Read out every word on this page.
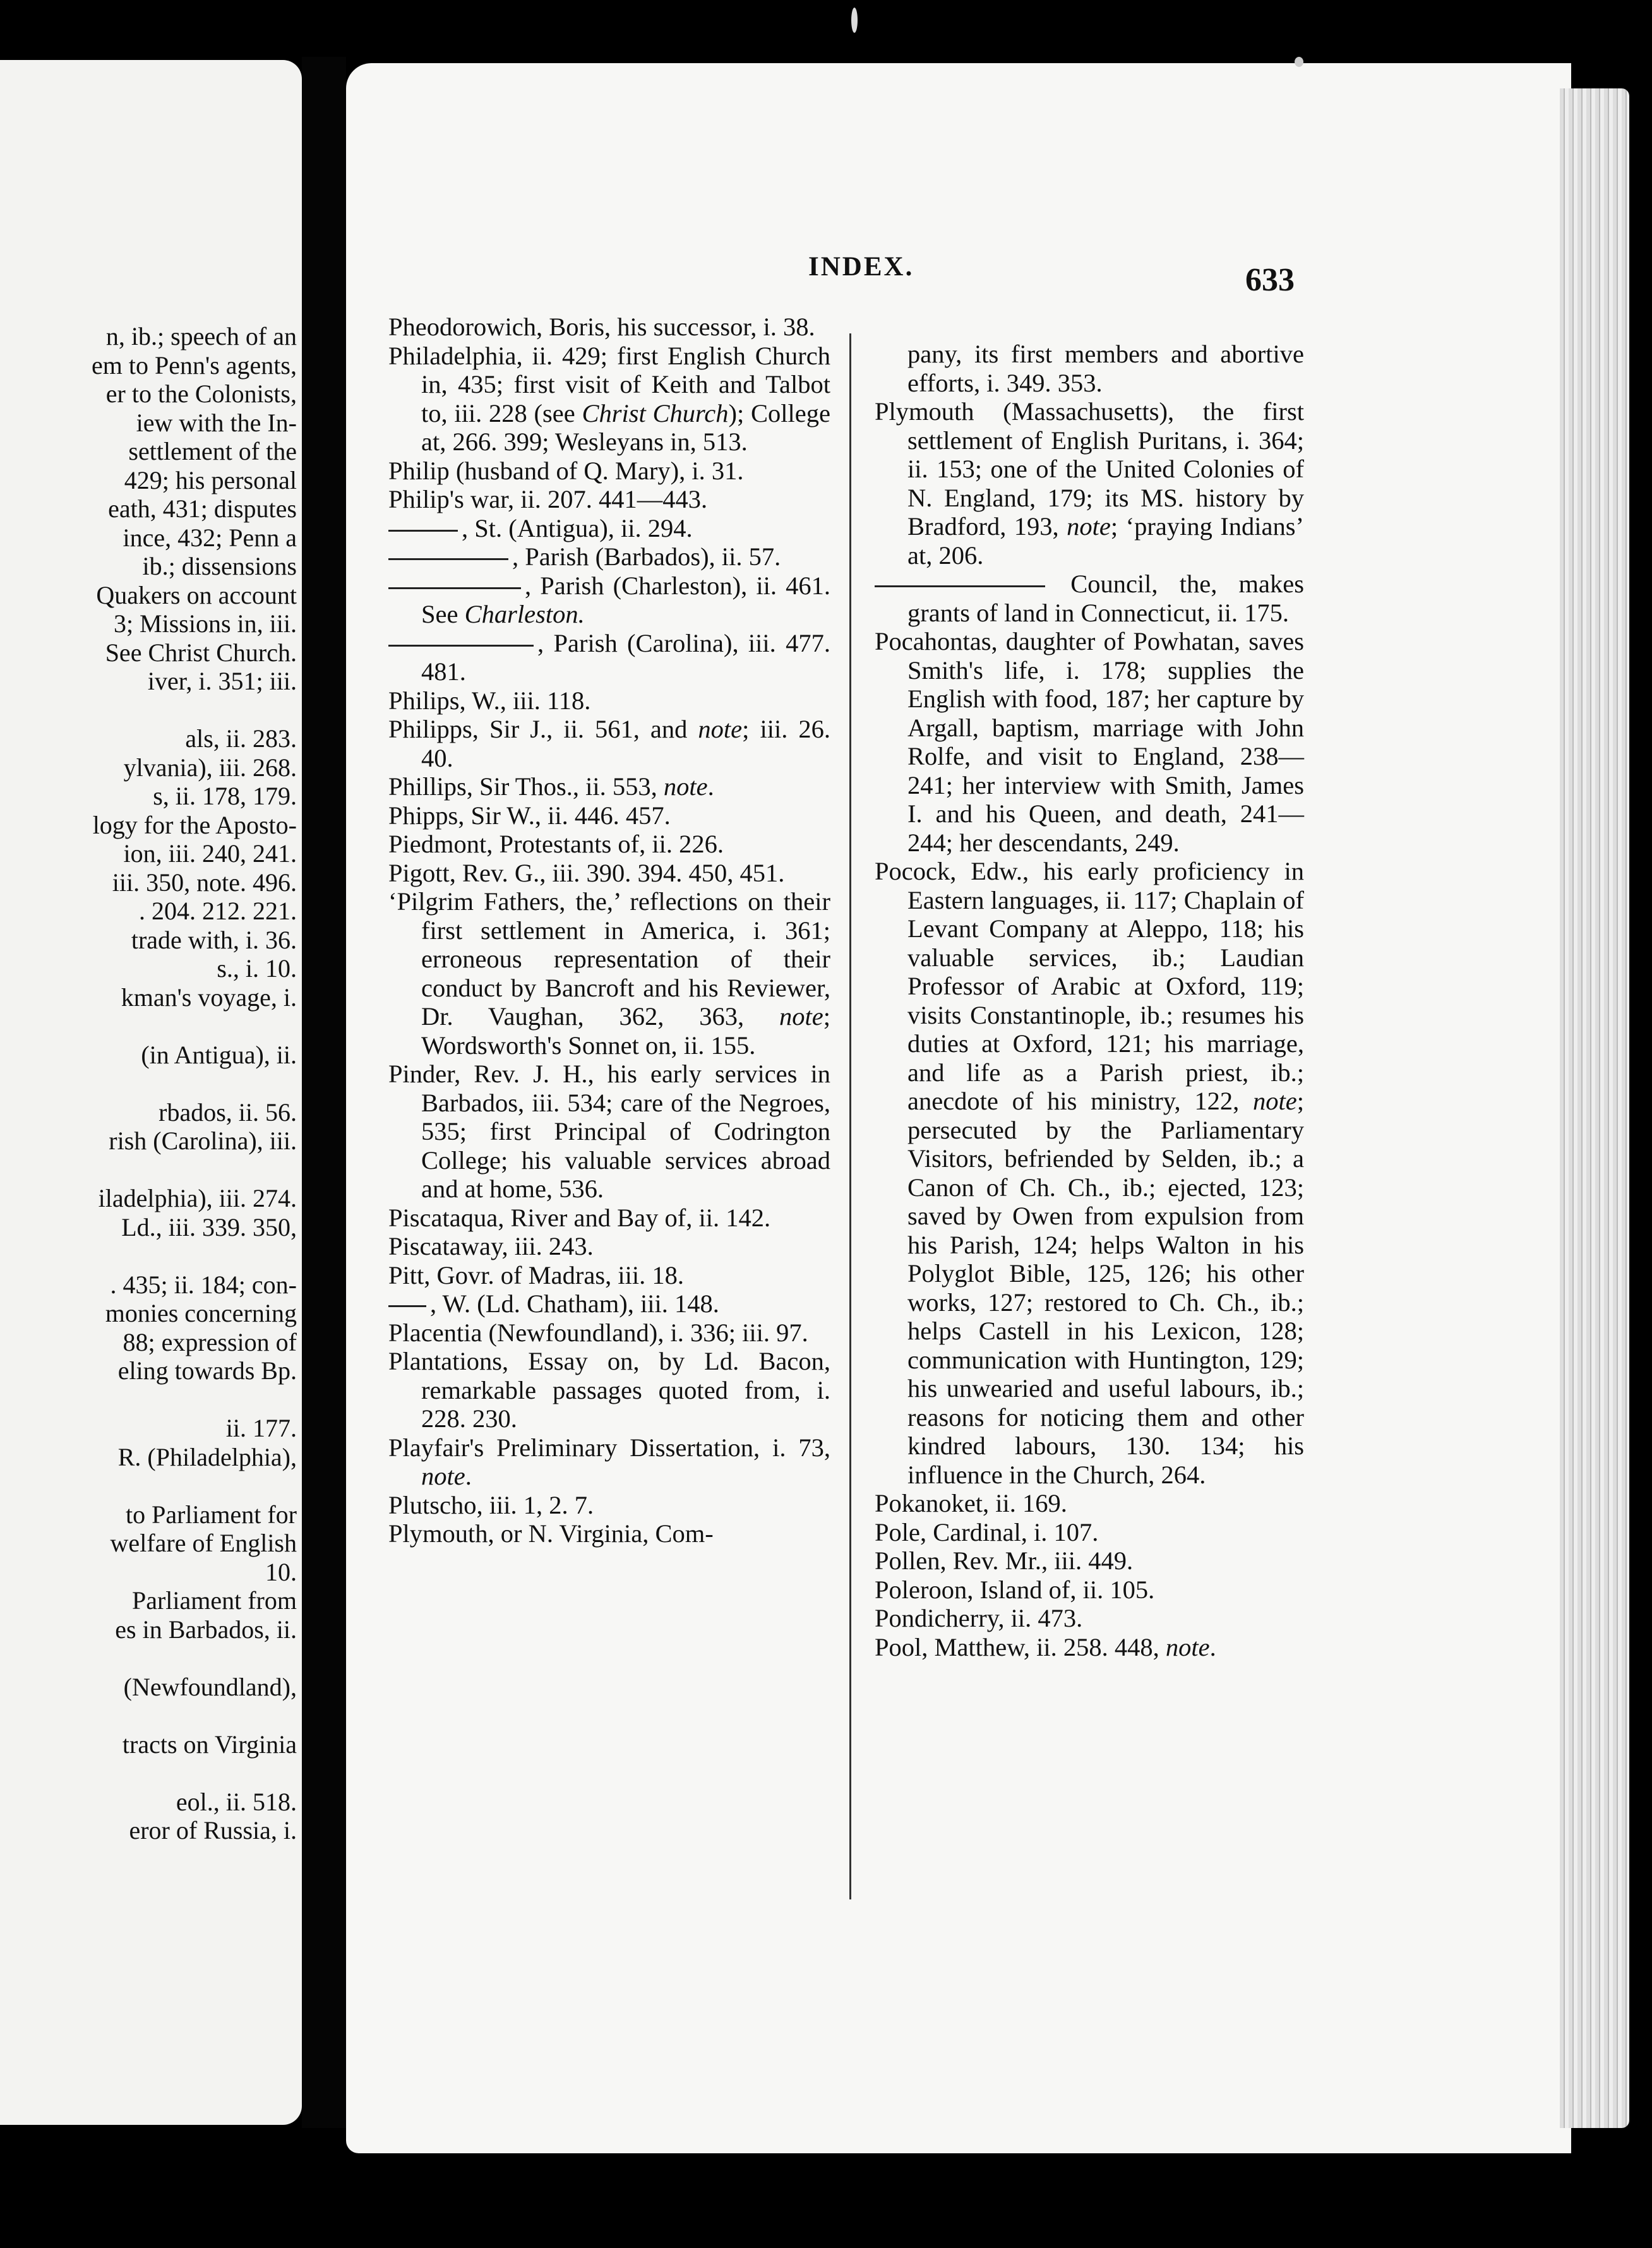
n, ib.; speech of an
em to Penn's agents,
er to the Colonists,
iew with the In-
settlement of the
429; his personal
eath, 431; disputes
ince, 432; Penn a
ib.; dissensions
Quakers on account
3; Missions in, iii.
See Christ Church.
iver, i. 351; iii.

als, ii. 283.
ylvania), iii. 268.
s, ii. 178, 179.
logy for the Aposto-
ion, iii. 240, 241.
iii. 350, note. 496.
. 204. 212. 221.
trade with, i. 36.
s., i. 10.
kman's voyage, i.

(in Antigua), ii.

rbados, ii. 56.
rish (Carolina), iii.

iladelphia), iii. 274.
Ld., iii. 339. 350,

. 435; ii. 184; con-
monies concerning
88; expression of
eling towards Bp.

ii. 177.
R. (Philadelphia),

to Parliament for
welfare of English
10.
Parliament from
es in Barbados, ii.

(Newfoundland),

tracts on Virginia

eol., ii. 518.
eror of Russia, i.
INDEX.	633
Pheodorowich, Boris, his successor, i. 38.
Philadelphia, ii. 429; first English Church in, 435; first visit of Keith and Talbot to, iii. 228 (see Christ Church); College at, 266. 399; Wesleyans in, 513.
Philip (husband of Q. Mary), i. 31.
Philip's war, ii. 207. 441—443.
, St. (Antigua), ii. 294.
, Parish (Barbados), ii. 57.
, Parish (Charleston), ii. 461. See Charleston.
, Parish (Carolina), iii. 477. 481.
Philips, W., iii. 118.
Philipps, Sir J., ii. 561, and note; iii. 26. 40.
Phillips, Sir Thos., ii. 553, note.
Phipps, Sir W., ii. 446. 457.
Piedmont, Protestants of, ii. 226.
Pigott, Rev. G., iii. 390. 394. 450, 451.
‘Pilgrim Fathers, the,’ reflections on their first settlement in America, i. 361; erroneous representation of their conduct by Bancroft and his Reviewer, Dr. Vaughan, 362, 363, note; Wordsworth's Sonnet on, ii. 155.
Pinder, Rev. J. H., his early services in Barbados, iii. 534; care of the Negroes, 535; first Principal of Codrington College; his valuable services abroad and at home, 536.
Piscataqua, River and Bay of, ii. 142.
Piscataway, iii. 243.
Pitt, Govr. of Madras, iii. 18.
, W. (Ld. Chatham), iii. 148.
Placentia (Newfoundland), i. 336; iii. 97.
Plantations, Essay on, by Ld. Bacon, remarkable passages quoted from, i. 228. 230.
Playfair's Preliminary Dissertation, i. 73, note.
Plutscho, iii. 1, 2. 7.
Plymouth, or N. Virginia, Com-
pany, its first members and abortive efforts, i. 349. 353.
Plymouth (Massachusetts), the first settlement of English Puritans, i. 364; ii. 153; one of the United Colonies of N. England, 179; its MS. history by Bradford, 193, note; ‘praying Indians’ at, 206.
Council, the, makes grants of land in Connecticut, ii. 175.
Pocahontas, daughter of Powhatan, saves Smith's life, i. 178; supplies the English with food, 187; her capture by Argall, baptism, marriage with John Rolfe, and visit to England, 238—241; her interview with Smith, James I. and his Queen, and death, 241—244; her descendants, 249.
Pocock, Edw., his early proficiency in Eastern languages, ii. 117; Chaplain of Levant Company at Aleppo, 118; his valuable services, ib.; Laudian Professor of Arabic at Oxford, 119; visits Constantinople, ib.; resumes his duties at Oxford, 121; his marriage, and life as a Parish priest, ib.; anecdote of his ministry, 122, note; persecuted by the Parliamentary Visitors, befriended by Selden, ib.; a Canon of Ch. Ch., ib.; ejected, 123; saved by Owen from expulsion from his Parish, 124; helps Walton in his Polyglot Bible, 125, 126; his other works, 127; restored to Ch. Ch., ib.; helps Castell in his Lexicon, 128; communication with Huntington, 129; his unwearied and useful labours, ib.; reasons for noticing them and other kindred labours, 130. 134; his influence in the Church, 264.
Pokanoket, ii. 169.
Pole, Cardinal, i. 107.
Pollen, Rev. Mr., iii. 449.
Poleroon, Island of, ii. 105.
Pondicherry, ii. 473.
Pool, Matthew, ii. 258. 448, note.
